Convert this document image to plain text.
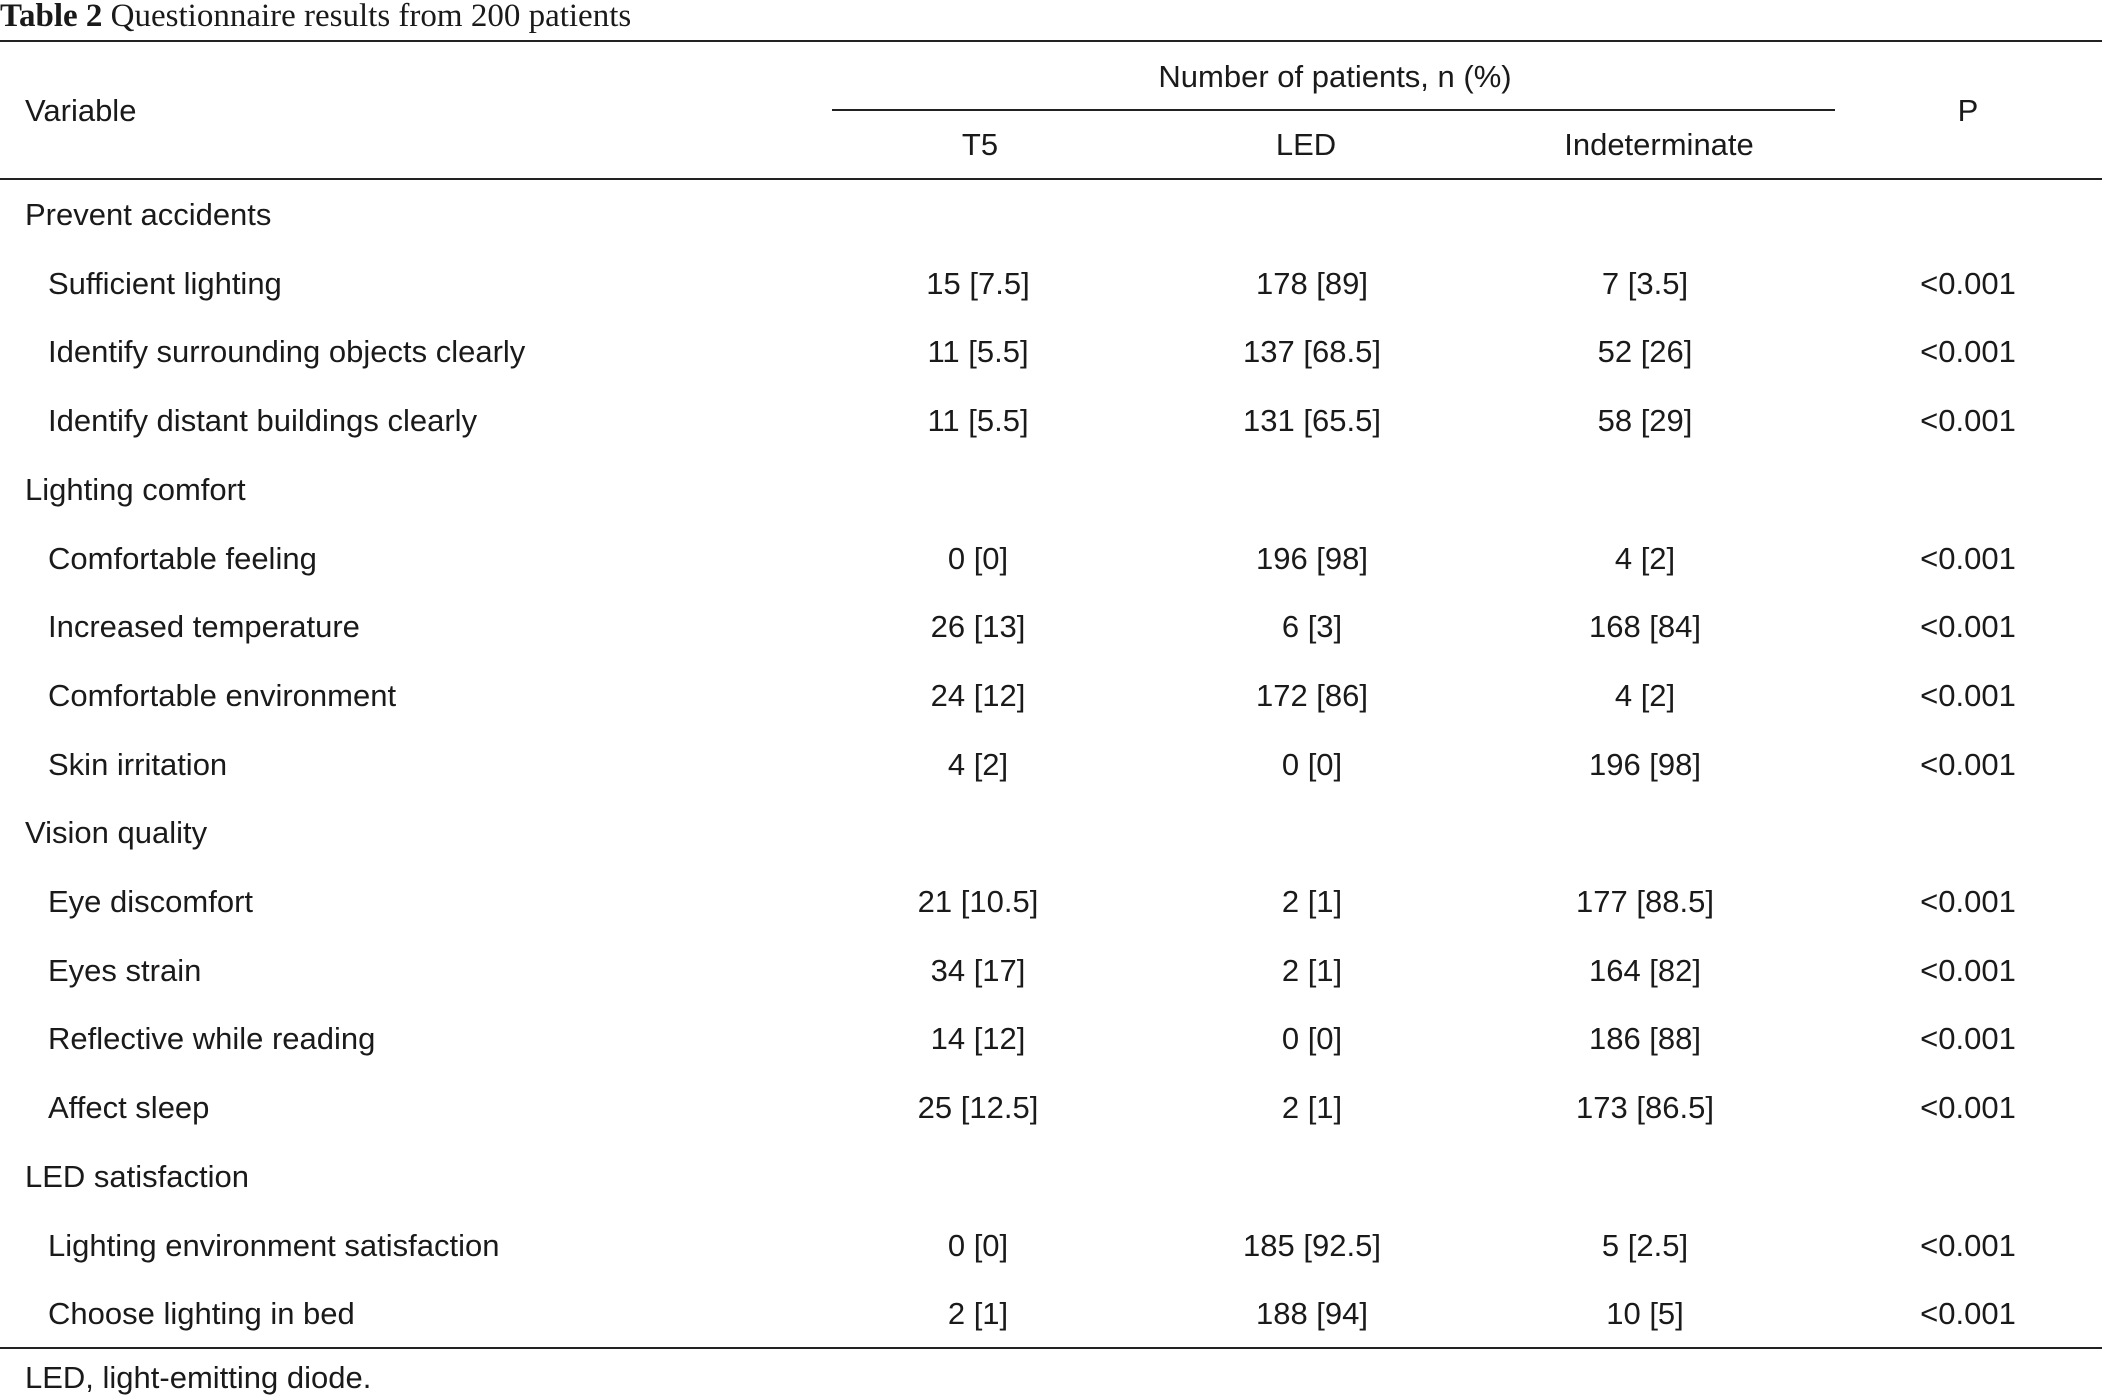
Table 2 Questionnaire results from 200 patients
Variable
Number of patients, n (%)
T5	LED	Indeterminate
P
Prevent accidents
Sufficient lighting	15 [7.5]	178 [89]	7 [3.5]	<0.001
Identify surrounding objects clearly	11 [5.5]	137 [68.5]	52 [26]	<0.001
Identify distant buildings clearly	11 [5.5]	131 [65.5]	58 [29]	<0.001
Lighting comfort
Comfortable feeling	0 [0]	196 [98]	4 [2]	<0.001
Increased temperature	26 [13]	6 [3]	168 [84]	<0.001
Comfortable environment	24 [12]	172 [86]	4 [2]	<0.001
Skin irritation	4 [2]	0 [0]	196 [98]	<0.001
Vision quality
Eye discomfort	21 [10.5]	2 [1]	177 [88.5]	<0.001
Eyes strain	34 [17]	2 [1]	164 [82]	<0.001
Reflective while reading	14 [12]	0 [0]	186 [88]	<0.001
Affect sleep	25 [12.5]	2 [1]	173 [86.5]	<0.001
LED satisfaction
Lighting environment satisfaction	0 [0]	185 [92.5]	5 [2.5]	<0.001
Choose lighting in bed	2 [1]	188 [94]	10 [5]	<0.001
LED, light-emitting diode.
